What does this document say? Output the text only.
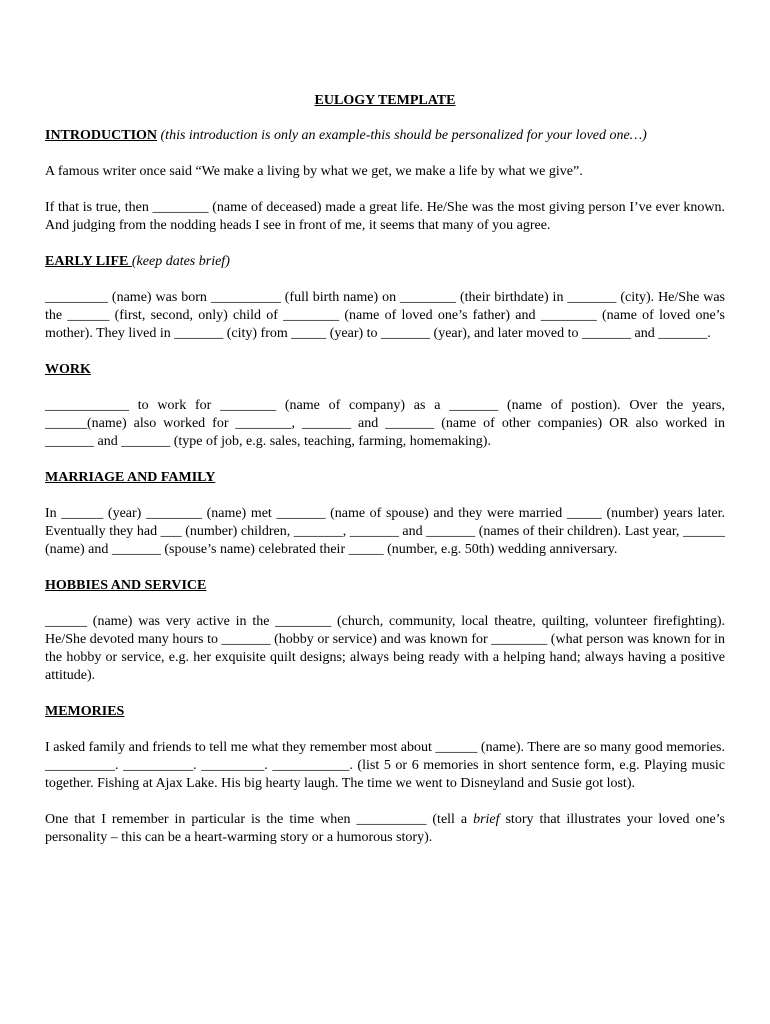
EULOGY TEMPLATE
INTRODUCTION (this introduction is only an example-this should be personalized for your loved one…)

A famous writer once said “We make a living by what we get, we make a life by what we give”.

If that is true, then ________ (name of deceased) made a great life. He/She was the most giving person I’ve ever known. And judging from the nodding heads I see in front of me, it seems that many of you agree.

EARLY LIFE (keep dates brief)

_________ (name) was born __________ (full birth name) on ________ (their birthdate) in _______ (city). He/She was the ______ (first, second, only) child of ________ (name of loved one’s father) and ________ (name of loved one’s mother). They lived in _______ (city) from _____ (year) to _______ (year), and later moved to _______ and _______.

WORK

____________ to work for ________ (name of company) as a _______ (name of postion). Over the years, ______(name) also worked for ________, _______ and _______ (name of other companies) OR also worked in _______ and _______ (type of job, e.g. sales, teaching, farming, homemaking).

MARRIAGE AND FAMILY

In ______ (year) ________ (name) met _______ (name of spouse) and they were married _____ (number) years later. Eventually they had ___ (number) children, _______, _______ and _______ (names of their children). Last year, ______ (name) and _______ (spouse’s name) celebrated their _____ (number, e.g. 50th) wedding anniversary.

HOBBIES AND SERVICE

______ (name) was very active in the ________ (church, community, local theatre, quilting, volunteer firefighting). He/She devoted many hours to _______ (hobby or service) and was known for ________ (what person was known for in the hobby or service, e.g. her exquisite quilt designs; always being ready with a helping hand; always having a positive attitude).

MEMORIES

I asked family and friends to tell me what they remember most about ______ (name). There are so many good memories. __________. __________. _________. ___________. (list 5 or 6 memories in short sentence form, e.g. Playing music together. Fishing at Ajax Lake. His big hearty laugh. The time we went to Disneyland and Susie got lost).

One that I remember in particular is the time when __________ (tell a brief story that illustrates your loved one’s personality – this can be a heart-warming story or a humorous story).
